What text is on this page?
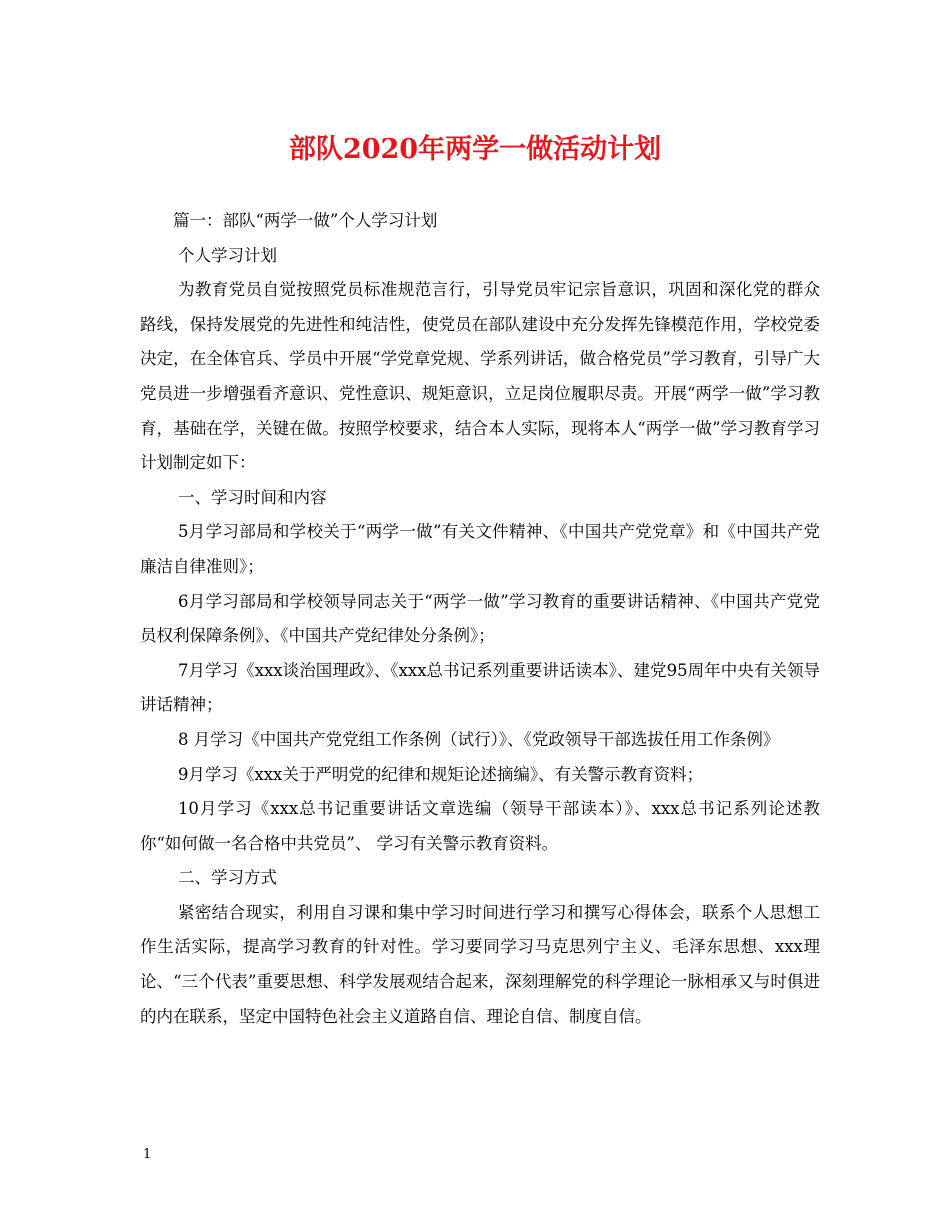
部队2020年两学一做活动计划

篇一：部队“两学一做”个人学习计划

个人学习计划

为教育党员自觉按照党员标准规范言行，引导党员牢记宗旨意识，巩固和深化党的群众路线，保持发展党的先进性和纯洁性，使党员在部队建设中充分发挥先锋模范作用，学校党委决定，在全体官兵、学员中开展“学党章党规、学系列讲话，做合格党员”学习教育，引导广大党员进一步增强看齐意识、党性意识、规矩意识，立足岗位履职尽责。开展“两学一做”学习教育，基础在学，关键在做。按照学校要求，结合本人实际，现将本人“两学一做”学习教育学习计划制定如下：

一、学习时间和内容

5月学习部局和学校关于“两学一做”有关文件精神、《中国共产党党章》和《中国共产党廉洁自律准则》；

6月学习部局和学校领导同志关于“两学一做”学习教育的重要讲话精神、《中国共产党党员权利保障条例》、《中国共产党纪律处分条例》；

7月学习《xxx谈治国理政》、《xxx总书记系列重要讲话读本》、建党95周年中央有关领导讲话精神；

8 月学习《中国共产党党组工作条例（试行）》、《党政领导干部选拔任用工作条例》

9月学习《xxx关于严明党的纪律和规矩论述摘编》、有关警示教育资料；

10月学习《xxx总书记重要讲话文章选编（领导干部读本）》、xxx总书记系列论述教你“如何做一名合格中共党员”、 学习有关警示教育资料。

二、学习方式

紧密结合现实，利用自习课和集中学习时间进行学习和撰写心得体会，联系个人思想工作生活实际，提高学习教育的针对性。学习要同学习马克思列宁主义、毛泽东思想、xxx理论、“三个代表”重要思想、科学发展观结合起来，深刻理解党的科学理论一脉相承又与时俱进的内在联系，坚定中国特色社会主义道路自信、理论自信、制度自信。

1
